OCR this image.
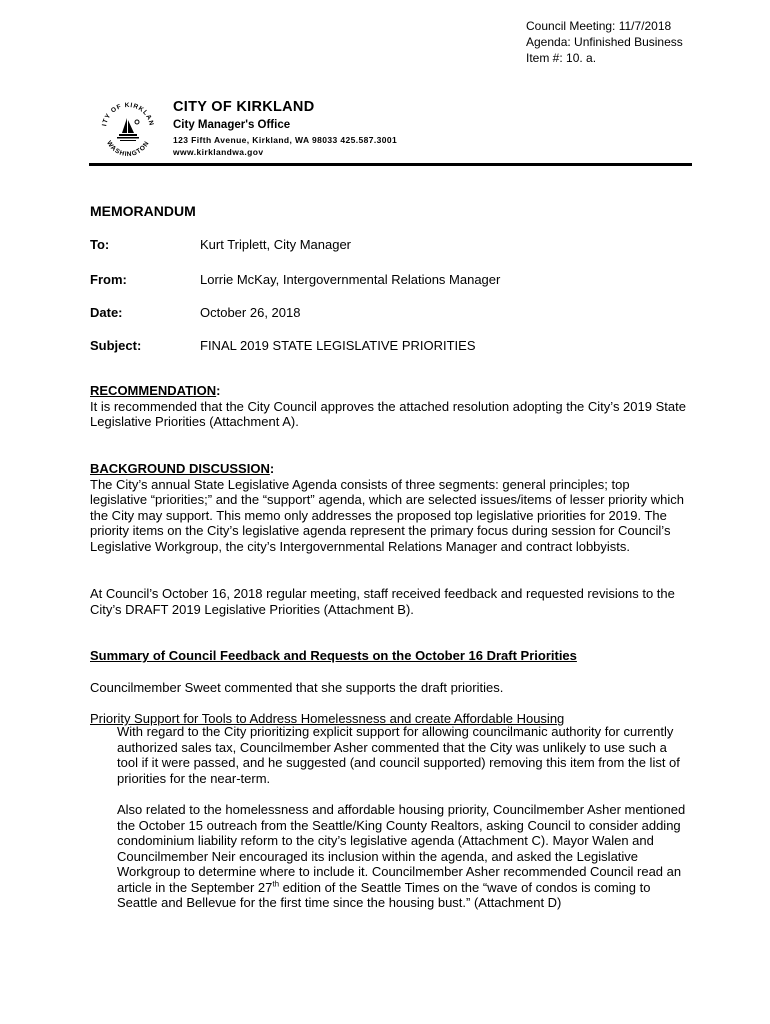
Council Meeting: 11/7/2018
Agenda: Unfinished Business
Item #: 10. a.
ITY OF KIRKLAN
WASHINGTON
CITY OF KIRKLAND
City Manager's Office
123 Fifth Avenue, Kirkland, WA 98033 425.587.3001
www.kirklandwa.gov
MEMORANDUM
To:	Kurt Triplett, City Manager
From:	Lorrie McKay, Intergovernmental Relations Manager
Date:	October 26, 2018
Subject:	FINAL 2019 STATE LEGISLATIVE PRIORITIES
RECOMMENDATION:
It is recommended that the City Council approves the attached resolution adopting the City’s 2019 State Legislative Priorities (Attachment A).
BACKGROUND DISCUSSION:
The City’s annual State Legislative Agenda consists of three segments: general principles; top legislative “priorities;” and the “support” agenda, which are selected issues/items of lesser priority which the City may support. This memo only addresses the proposed top legislative priorities for 2019. The priority items on the City’s legislative agenda represent the primary focus during session for Council’s Legislative Workgroup, the city’s Intergovernmental Relations Manager and contract lobbyists.
At Council’s October 16, 2018 regular meeting, staff received feedback and requested revisions to the City’s DRAFT 2019 Legislative Priorities (Attachment B).
Summary of Council Feedback and Requests on the October 16 Draft Priorities
Councilmember Sweet commented that she supports the draft priorities.
Priority Support for Tools to Address Homelessness and create Affordable Housing
With regard to the City prioritizing explicit support for allowing councilmanic authority for currently authorized sales tax, Councilmember Asher commented that the City was unlikely to use such a tool if it were passed, and he suggested (and council supported) removing this item from the list of priorities for the near-term.
Also related to the homelessness and affordable housing priority, Councilmember Asher mentioned the October 15 outreach from the Seattle/King County Realtors, asking Council to consider adding condominium liability reform to the city’s legislative agenda (Attachment C). Mayor Walen and Councilmember Neir encouraged its inclusion within the agenda, and asked the Legislative Workgroup to determine where to include it. Councilmember Asher recommended Council read an article in the September 27th edition of the Seattle Times on the “wave of condos is coming to Seattle and Bellevue for the first time since the housing bust.” (Attachment D)
